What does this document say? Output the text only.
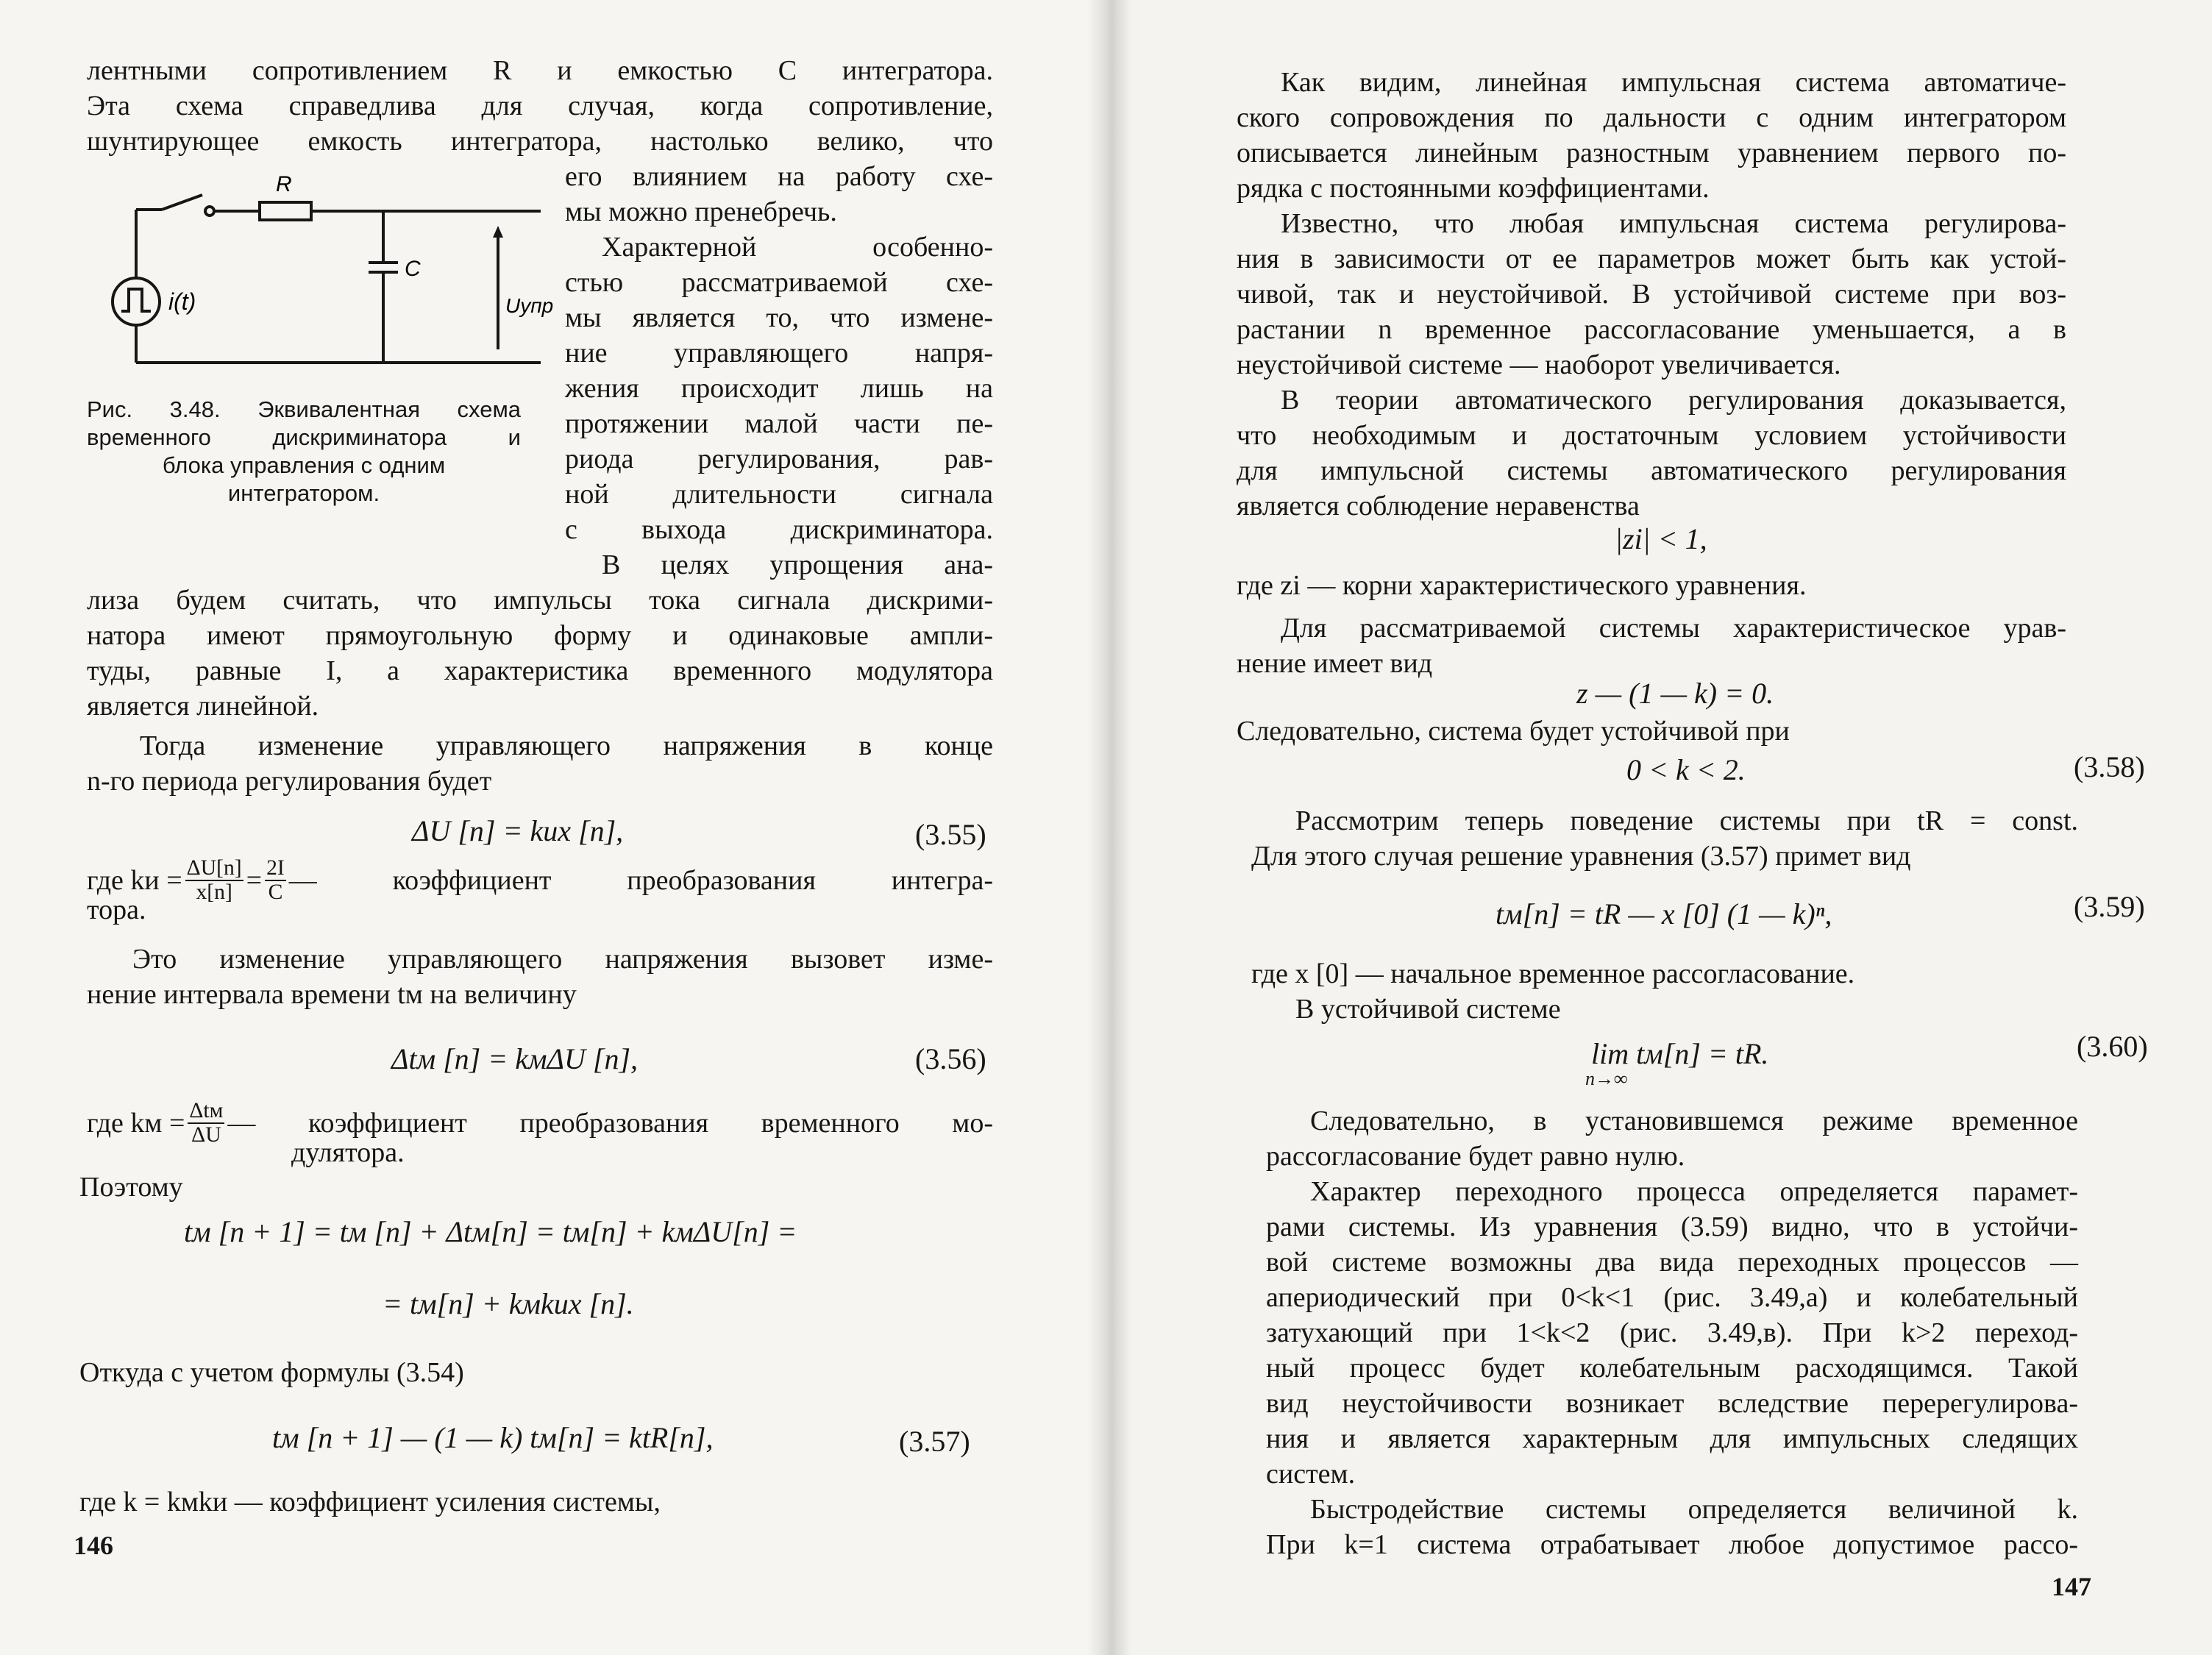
лентными сопротивлением R и емкостью C интегратора.
Эта схема справедлива для случая, когда сопротивление,
шунтирующее емкость интегратора, настолько велико, что
R
C
i(t)	Uупр
Рис. 3.48. Эквивалентная схема
временного дискриминатора и
блока управления с одним
интегратором.
его влиянием на работу схе-
мы можно пренебречь.
Характерной особенно-
стью рассматриваемой схе-
мы является то, что измене-
ние управляющего напря-
жения происходит лишь на
протяжении малой части пе-
риода регулирования, рав-
ной длительности сигнала
с выхода дискриминатора.
В целях упрощения ана-
лиза будем считать, что импульсы тока сигнала дискрими-
натора имеют прямоугольную форму и одинаковые ампли-
туды, равные I, а характеристика временного модулятора
является линейной.
Тогда изменение управляющего напряжения в конце
n-го периода регулирования будет
ΔU [n] = kиx [n],	(3.55)
где kи = $\frac{\Delta U[n]}{x[n]} = \frac{2I}{C}$ — коэффициент преобразования интегра-
тора.
Это изменение управляющего напряжения вызовет изме-
нение интервала времени tм на величину
Δtм [n] = kмΔU [n],	(3.56)
где kм = $\frac{\text{Δtм}}{\Delta U}$ — коэффициент преобразования временного мо-
дулятора.
Поэтому
tм [n + 1] = tм [n] + Δtм[n] = tм[n] + kмΔU[n] =
= tм[n] + kмkиx [n].
Откуда с учетом формулы (3.54)
tм [n + 1] — (1 — k) tм[n] = ktR[n],	(3.57)
где k = kмkи — коэффициент усиления системы,
146
Как видим, линейная импульсная система автоматиче-
ского сопровождения по дальности с одним интегратором
описывается линейным разностным уравнением первого по-
рядка с постоянными коэффициентами.
Известно, что любая импульсная система регулирова-
ния в зависимости от ее параметров может быть как устой-
чивой, так и неустойчивой. В устойчивой системе при воз-
растании n временное рассогласование уменьшается, а в
неустойчивой системе — наоборот увеличивается.
В теории автоматического регулирования доказывается,
что необходимым и достаточным условием устойчивости
для импульсной системы автоматического регулирования
является соблюдение неравенства
|zi| < 1,
где zi — корни характеристического уравнения.
Для рассматриваемой системы характеристическое урав-
нение имеет вид
z — (1 — k) = 0.
Следовательно, система будет устойчивой при
0 < k < 2.	(3.58)
Рассмотрим теперь поведение системы при tR = const.
Для этого случая решение уравнения (3.57) примет вид
tм[n] = tR — x [0] (1 — k)ⁿ,	(3.59)
где x [0] — начальное временное рассогласование.
В устойчивой системе
lim tм[n] = tR.
n→∞
(3.60)
Следовательно, в установившемся режиме временное
рассогласование будет равно нулю.
Характер переходного процесса определяется парамет-
рами системы. Из уравнения (3.59) видно, что в устойчи-
вой системе возможны два вида переходных процессов —
апериодический при 0<k<1 (рис. 3.49,a) и колебательный
затухающий при 1<k<2 (рис. 3.49,в). При k>2 переход-
ный процесс будет колебательным расходящимся. Такой
вид неустойчивости возникает вследствие перерегулирова-
ния и является характерным для импульсных следящих
систем.
Быстродействие системы определяется величиной k.
При k=1 система отрабатывает любое допустимое рассо-
147
